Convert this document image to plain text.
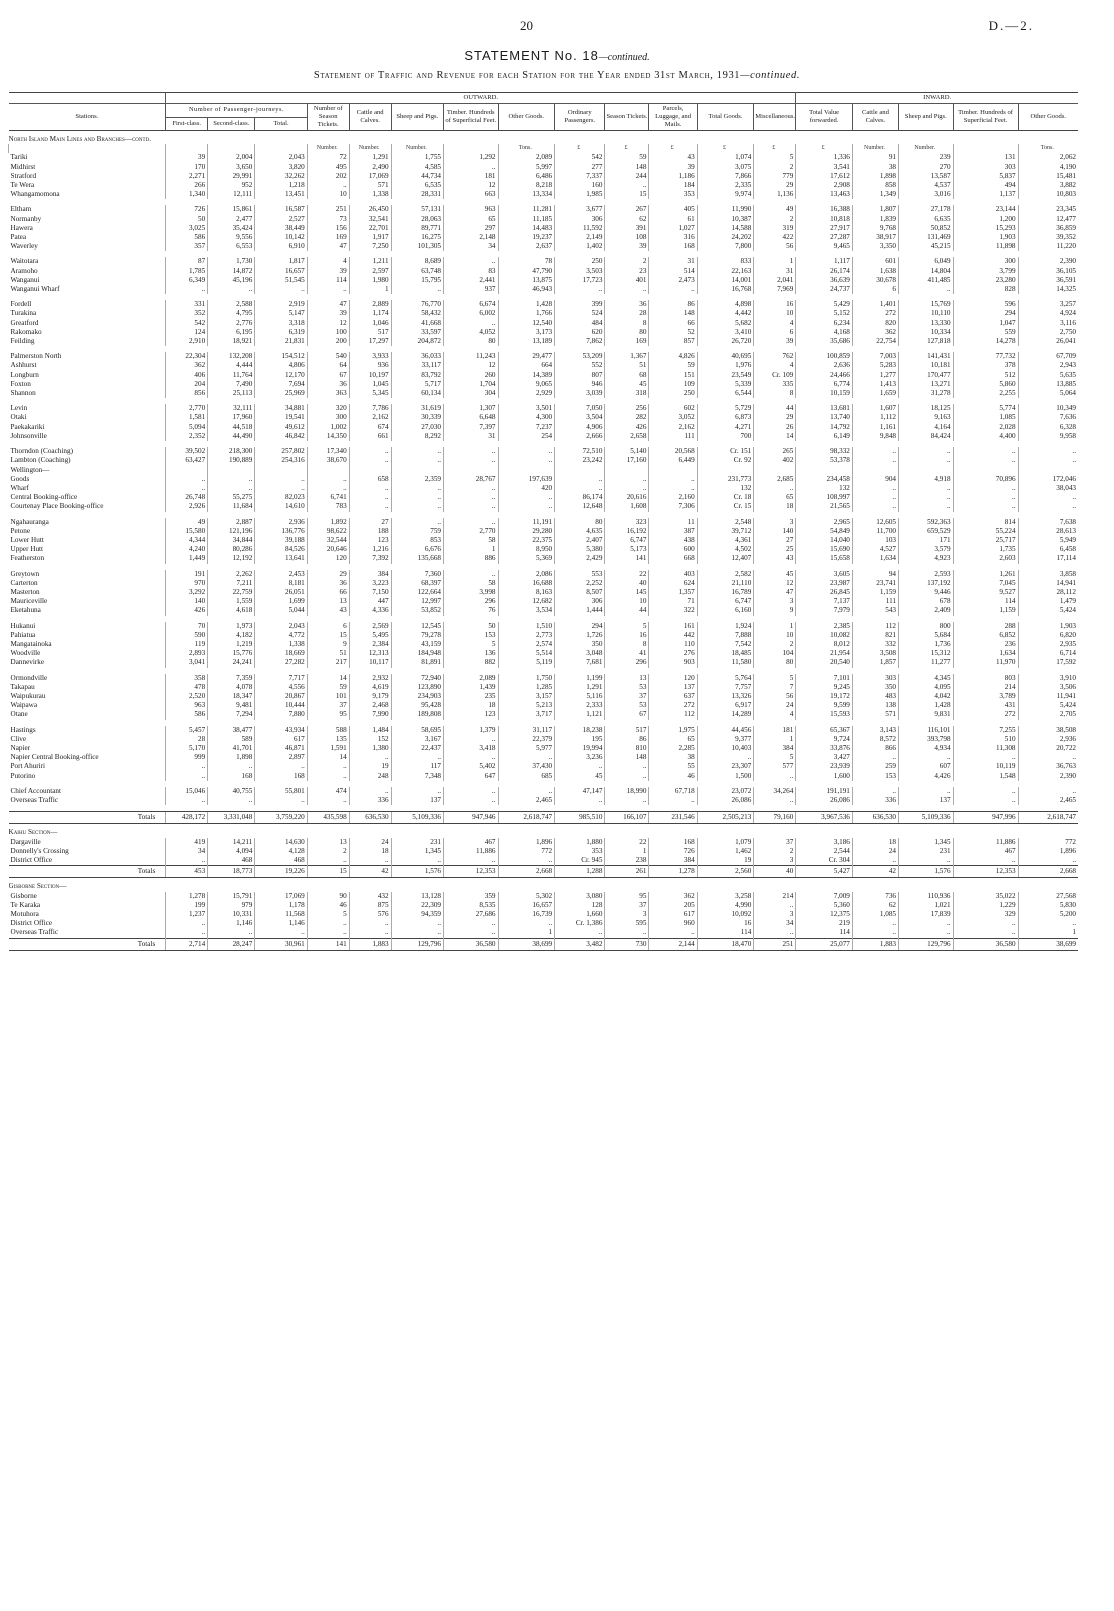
20	D.—2.
STATEMENT No. 18—continued.
Statement of Traffic and Revenue for each Station for the Year ended 31st March, 1931—continued.
	OUTWARD.													INWARD.				
Stations.	Number of Passenger-journeys.			Number of Season Tickets.	Cattle and Calves.	Sheep and Pigs.	Timber. Hundreds of Superficial Feet.	Other Goods.	Ordinary Passengers.	Season Tickets.	Parcels, Luggage, and Mails.	Total Goods.	Miscellaneous.	Total Value forwarded.	Cattle and Calves.	Sheep and Pigs.	Timber. Hundreds of Superficial Feet.	Other Goods.
	First-class.	Second-class.	Total.															
North Island Main Lines and Branches—contd.																		
				Number.	Number.	Number.		Tons.	£	£	£	£	£	£	Number.	Number.		Tons.
Tariki	39	2,004	2,043	72	1,291	1,755	1,292	2,089	542	59	43	1,074	5	1,336	91	239	131	2,062
Midhirst	170	3,650	3,820	495	2,490	4,585	..	5,997	277	148	39	3,075	2	3,541	38	270	303	4,190
Stratford	2,271	29,991	32,262	202	17,069	44,734	181	6,486	7,337	244	1,186	7,866	779	17,612	1,898	13,587	5,837	15,481
Te Wera	266	952	1,218	..	571	6,535	12	8,218	160	..	184	2,335	29	2,908	858	4,537	494	3,882
Whangamomona	1,340	12,111	13,451	10	1,338	28,331	663	13,334	1,985	15	353	9,974	1,136	13,463	1,349	3,016	1,137	10,803

Eltham	726	15,861	16,587	251	26,450	57,131	963	11,281	3,677	267	405	11,990	49	16,388	1,807	27,178	23,144	23,345
Normanby	50	2,477	2,527	73	32,541	28,063	65	11,185	306	62	61	10,387	2	10,818	1,839	6,635	1,200	12,477
Hawera	3,025	35,424	38,449	156	22,701	89,771	297	14,483	11,592	391	1,027	14,588	319	27,917	9,768	50,852	15,293	36,859
Patea	586	9,556	10,142	169	1,917	16,275	2,148	19,237	2,149	108	316	24,202	422	27,287	38,917	131,469	1,903	39,352
Waverley	357	6,553	6,910	47	7,250	101,305	34	2,637	1,402	39	168	7,800	56	9,465	3,350	45,215	11,898	11,220

Waitotara	87	1,730	1,817	4	1,211	8,689	..	78	250	2	31	833	1	1,117	601	6,049	300	2,390
Aramoho	1,785	14,872	16,657	39	2,597	63,748	83	47,790	3,503	23	514	22,163	31	26,174	1,638	14,804	3,799	36,105
Wanganui	6,349	45,196	51,545	114	1,980	15,795	2,441	13,875	17,723	401	2,473	14,001	2,041	36,639	30,678	411,485	23,280	36,591
Wanganui Wharf	..	..	..	..	1	..	937	46,943	..	..	..	16,768	7,969	24,737	6	..	828	14,325

Fordell	331	2,588	2,919	47	2,889	76,770	6,674	1,428	399	36	86	4,898	16	5,429	1,401	15,769	596	3,257
Turakina	352	4,795	5,147	39	1,174	58,432	6,002	1,766	524	28	148	4,442	10	5,152	272	10,110	294	4,924
Greatford	542	2,776	3,318	12	1,046	41,668	..	12,540	484	8	66	5,682	4	6,234	820	13,330	1,047	3,116
Rakomako	124	6,195	6,319	100	517	33,597	4,052	3,173	620	80	52	3,410	6	4,168	362	10,334	559	2,750
Feilding	2,910	18,921	21,831	200	17,297	204,872	80	13,189	7,862	169	857	26,720	39	35,686	22,754	127,818	14,278	26,041

Palmerston North	22,304	132,208	154,512	540	3,933	36,033	11,243	29,477	53,209	1,367	4,826	40,695	762	100,859	7,003	141,431	77,732	67,709
Ashhurst	362	4,444	4,806	64	936	33,117	12	664	552	51	59	1,976	4	2,636	5,283	10,181	378	2,943
Longburn	406	11,764	12,170	67	10,197	83,792	260	14,389	807	68	151	23,549	Cr. 109	24,466	1,277	170,477	512	5,635
Foxton	204	7,490	7,694	36	1,045	5,717	1,704	9,065	946	45	109	5,339	335	6,774	1,413	13,271	5,860	13,885
Shannon	856	25,113	25,969	363	5,345	60,134	304	2,929	3,039	318	250	6,544	8	10,159	1,659	31,278	2,255	5,064

Levin	2,770	32,111	34,881	320	7,786	31,619	1,307	3,501	7,050	256	602	5,729	44	13,681	1,607	18,125	5,774	10,349
Otaki	1,581	17,960	19,541	300	2,162	30,339	6,648	4,300	3,504	282	3,052	6,873	29	13,740	1,112	9,163	1,085	7,636
Paekakariki	5,094	44,518	49,612	1,002	674	27,030	7,397	7,237	4,906	426	2,162	4,271	26	14,792	1,161	4,164	2,028	6,328
Johnsonville	2,352	44,490	46,842	14,350	661	8,292	31	254	2,666	2,658	111	700	14	6,149	9,848	84,424	4,400	9,958

Thorndon (Coaching)	39,502	218,300	257,802	17,340	..	..	..	..	72,510	5,140	20,568	Cr. 151	265	98,332	..	..	..	..
Lambton (Coaching)	63,427	190,889	254,316	38,670	..	..	..	..	23,242	17,160	6,449	Cr. 92	402	53,378	..	..	..	..
Wellington—																		
Goods	..	..	..	..	658	2,359	28,767	197,639	..	..	..	231,773	2,685	234,458	904	4,918	70,896	172,046
Wharf	..	..	..	..	..	..	..	420	..	..	..	132	..	132	..	..	..	38,043
Central Booking-office	26,748	55,275	82,023	6,741	..	..	..	..	86,174	20,616	2,160	Cr. 18	65	108,997	..	..	..	..
Courtenay Place Booking-office	2,926	11,684	14,610	783	..	..	..	..	12,648	1,608	7,306	Cr. 15	18	21,565	..	..	..	..

Ngahauranga	49	2,887	2,936	1,892	27	..	..	11,191	80	323	11	2,548	3	2,965	12,605	592,363	814	7,638
Petone	15,580	121,196	136,776	98,622	188	759	2,770	29,280	4,635	16,192	387	39,712	140	54,849	11,700	659,529	55,224	28,613
Lower Hutt	4,344	34,844	39,188	32,544	123	853	58	22,375	2,407	6,747	438	4,361	27	14,040	103	171	25,717	5,949
Upper Hutt	4,240	80,286	84,526	20,646	1,216	6,676	1	8,950	5,380	5,173	600	4,502	25	15,690	4,527	3,579	1,735	6,458
Featherston	1,449	12,192	13,641	120	7,392	135,668	886	5,369	2,429	141	668	12,407	43	15,658	1,634	4,923	2,603	17,114

Greytown	191	2,262	2,453	29	384	7,360	..	2,086	553	22	403	2,582	45	3,605	94	2,593	1,261	3,858
Carterton	970	7,211	8,181	36	3,223	68,397	58	16,688	2,252	40	624	21,110	12	23,987	23,741	137,192	7,045	14,941
Masterton	3,292	22,759	26,051	66	7,150	122,664	3,998	8,163	8,507	145	1,357	16,789	47	26,845	1,159	9,446	9,527	28,112
Mauriceville	140	1,559	1,699	13	447	12,997	296	12,682	306	10	71	6,747	3	7,137	111	678	114	1,479
Eketahuna	426	4,618	5,044	43	4,336	53,852	76	3,534	1,444	44	322	6,160	9	7,979	543	2,409	1,159	5,424

Hukanui	70	1,973	2,043	6	2,569	12,545	50	1,510	294	5	161	1,924	1	2,385	112	800	288	1,903
Pahiatua	590	4,182	4,772	15	5,495	79,278	153	2,773	1,726	16	442	7,888	10	10,082	821	5,684	6,852	6,820
Mangatainoka	119	1,219	1,338	9	2,384	43,159	5	2,574	350	8	110	7,542	2	8,012	332	1,736	236	2,935
Woodville	2,893	15,776	18,669	51	12,313	184,948	136	5,514	3,048	41	276	18,485	104	21,954	3,508	15,312	1,634	6,714
Dannevirke	3,041	24,241	27,282	217	10,117	81,891	882	5,119	7,681	296	903	11,580	80	20,540	1,857	11,277	11,970	17,592

Ormondville	358	7,359	7,717	14	2,932	72,940	2,089	1,750	1,199	13	120	5,764	5	7,101	303	4,345	803	3,910
Takapau	478	4,078	4,556	59	4,619	123,890	1,439	1,285	1,291	53	137	7,757	7	9,245	350	4,095	214	3,506
Waipukurau	2,520	18,347	20,867	101	9,179	234,903	235	3,157	5,116	37	637	13,326	56	19,172	483	4,042	3,789	11,941
Waipawa	963	9,481	10,444	37	2,468	95,428	18	5,213	2,333	53	272	6,917	24	9,599	138	1,428	431	5,424
Otane	586	7,294	7,880	95	7,990	189,808	123	3,717	1,121	67	112	14,289	4	15,593	571	9,831	272	2,705

Hastings	5,457	38,477	43,934	588	1,484	58,695	1,379	31,117	18,238	517	1,975	44,456	181	65,367	3,143	116,101	7,255	38,508
Clive	28	589	617	135	152	3,167	..	22,379	195	86	65	9,377	1	9,724	8,572	393,798	510	2,936
Napier	5,170	41,701	46,871	1,591	1,380	22,437	3,418	5,977	19,994	810	2,285	10,403	384	33,876	866	4,934	11,308	20,722
Napier Central Booking-office	999	1,898	2,897	14	..	..	..	..	3,236	148	38	..	5	3,427	..	..	..	..
Port Ahuriri	..	..	..	..	19	117	5,402	37,430	..	..	55	23,307	577	23,939	259	607	10,119	36,763
Putorino	..	168	168	..	248	7,348	647	685	45	..	46	1,500	..	1,600	153	4,426	1,548	2,390

Chief Accountant	15,046	40,755	55,801	474	..	..	..	..	47,147	18,990	67,718	23,072	34,264	191,191	..	..	..	..
Overseas Traffic	..	..	..	..	336	137	..	2,465	..	..	..	26,086	..	26,086	336	137	..	2,465

Totals	428,172	3,331,048	3,759,220	435,598	636,530	5,109,336	947,946	2,618,747	985,510	166,107	231,546	2,505,213	79,160	3,967,536	636,530	5,109,336	947,996	2,618,747
Kaihu Section—																		
Dargaville	419	14,211	14,630	13	24	231	467	1,896	1,880	22	168	1,079	37	3,186	18	1,345	11,886	772
Donnelly's Crossing	34	4,094	4,128	2	18	1,345	11,886	772	353	1	726	1,462	2	2,544	24	231	467	1,896
District Office	..	468	468	..	..	..	..	..	Cr. 945	238	384	19	3	Cr. 304	..	..	..	..
Totals	453	18,773	19,226	15	42	1,576	12,353	2,668	1,288	261	1,278	2,560	40	5,427	42	1,576	12,353	2,668
Gisborne Section—																		
Gisborne	1,278	15,791	17,069	90	432	13,128	359	5,302	3,080	95	362	3,258	214	7,009	736	110,936	35,022	27,568
Te Karaka	199	979	1,178	46	875	22,309	8,535	16,657	128	37	205	4,990	..	5,360	62	1,021	1,229	5,830
Motuhora	1,237	10,331	11,568	5	576	94,359	27,686	16,739	1,660	3	617	10,092	3	12,375	1,085	17,839	329	5,200
District Office	..	1,146	1,146	..	..	..	..	..	Cr. 1,386	595	960	16	34	219	..	..	..	..
Overseas Traffic	..	..	..	..	..	..	..	1	..	..	..	114	..	114	..	..	..	1
Totals	2,714	28,247	30,961	141	1,883	129,796	36,580	38,699	3,482	730	2,144	18,470	251	25,077	1,883	129,796	36,580	38,699
